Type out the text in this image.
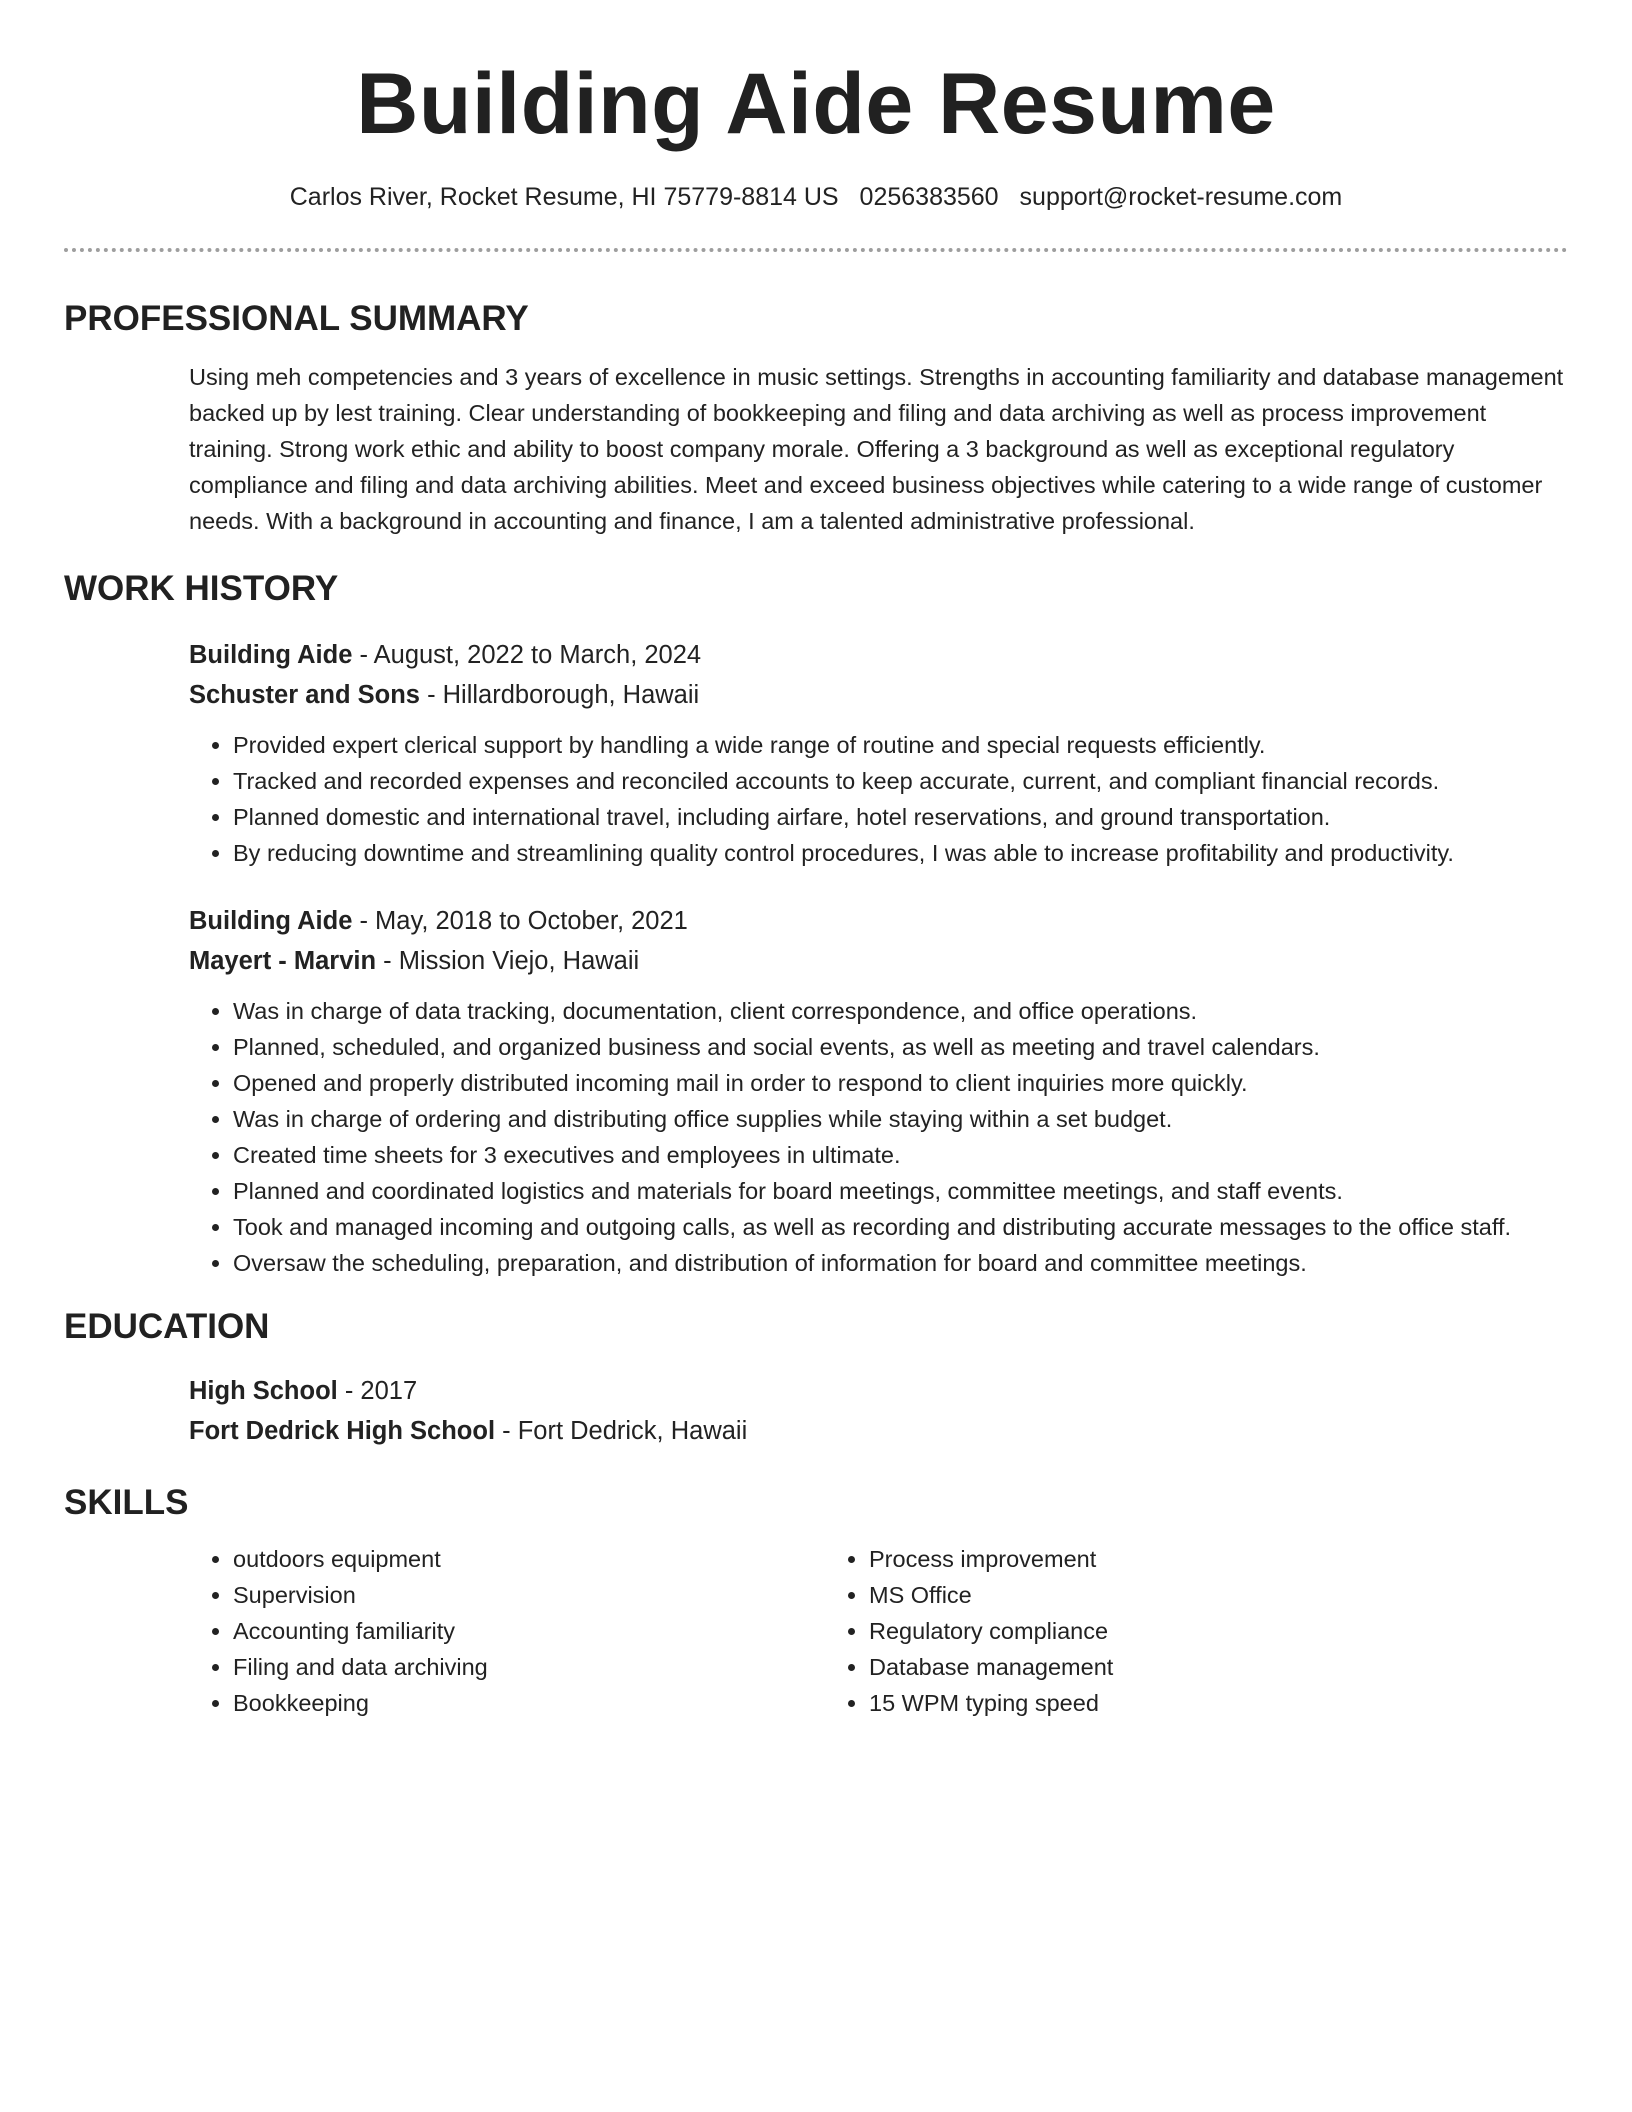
Building Aide Resume
Carlos River, Rocket Resume, HI 75779-8814 US 0256383560 support@rocket-resume.com
PROFESSIONAL SUMMARY
Using meh competencies and 3 years of excellence in music settings. Strengths in accounting familiarity and database management backed up by lest training. Clear understanding of bookkeeping and filing and data archiving as well as process improvement training. Strong work ethic and ability to boost company morale. Offering a 3 background as well as exceptional regulatory compliance and filing and data archiving abilities. Meet and exceed business objectives while catering to a wide range of customer needs. With a background in accounting and finance, I am a talented administrative professional.
WORK HISTORY
Building Aide - August, 2022 to March, 2024
Schuster and Sons - Hillardborough, Hawaii
• Provided expert clerical support by handling a wide range of routine and special requests efficiently.
• Tracked and recorded expenses and reconciled accounts to keep accurate, current, and compliant financial records.
• Planned domestic and international travel, including airfare, hotel reservations, and ground transportation.
• By reducing downtime and streamlining quality control procedures, I was able to increase profitability and productivity.
Building Aide - May, 2018 to October, 2021
Mayert - Marvin - Mission Viejo, Hawaii
• Was in charge of data tracking, documentation, client correspondence, and office operations.
• Planned, scheduled, and organized business and social events, as well as meeting and travel calendars.
• Opened and properly distributed incoming mail in order to respond to client inquiries more quickly.
• Was in charge of ordering and distributing office supplies while staying within a set budget.
• Created time sheets for 3 executives and employees in ultimate.
• Planned and coordinated logistics and materials for board meetings, committee meetings, and staff events.
• Took and managed incoming and outgoing calls, as well as recording and distributing accurate messages to the office staff.
• Oversaw the scheduling, preparation, and distribution of information for board and committee meetings.
EDUCATION
High School - 2017
Fort Dedrick High School - Fort Dedrick, Hawaii
SKILLS
• outdoors equipment
• Supervision
• Accounting familiarity
• Filing and data archiving
• Bookkeeping
• Process improvement
• MS Office
• Regulatory compliance
• Database management
• 15 WPM typing speed
